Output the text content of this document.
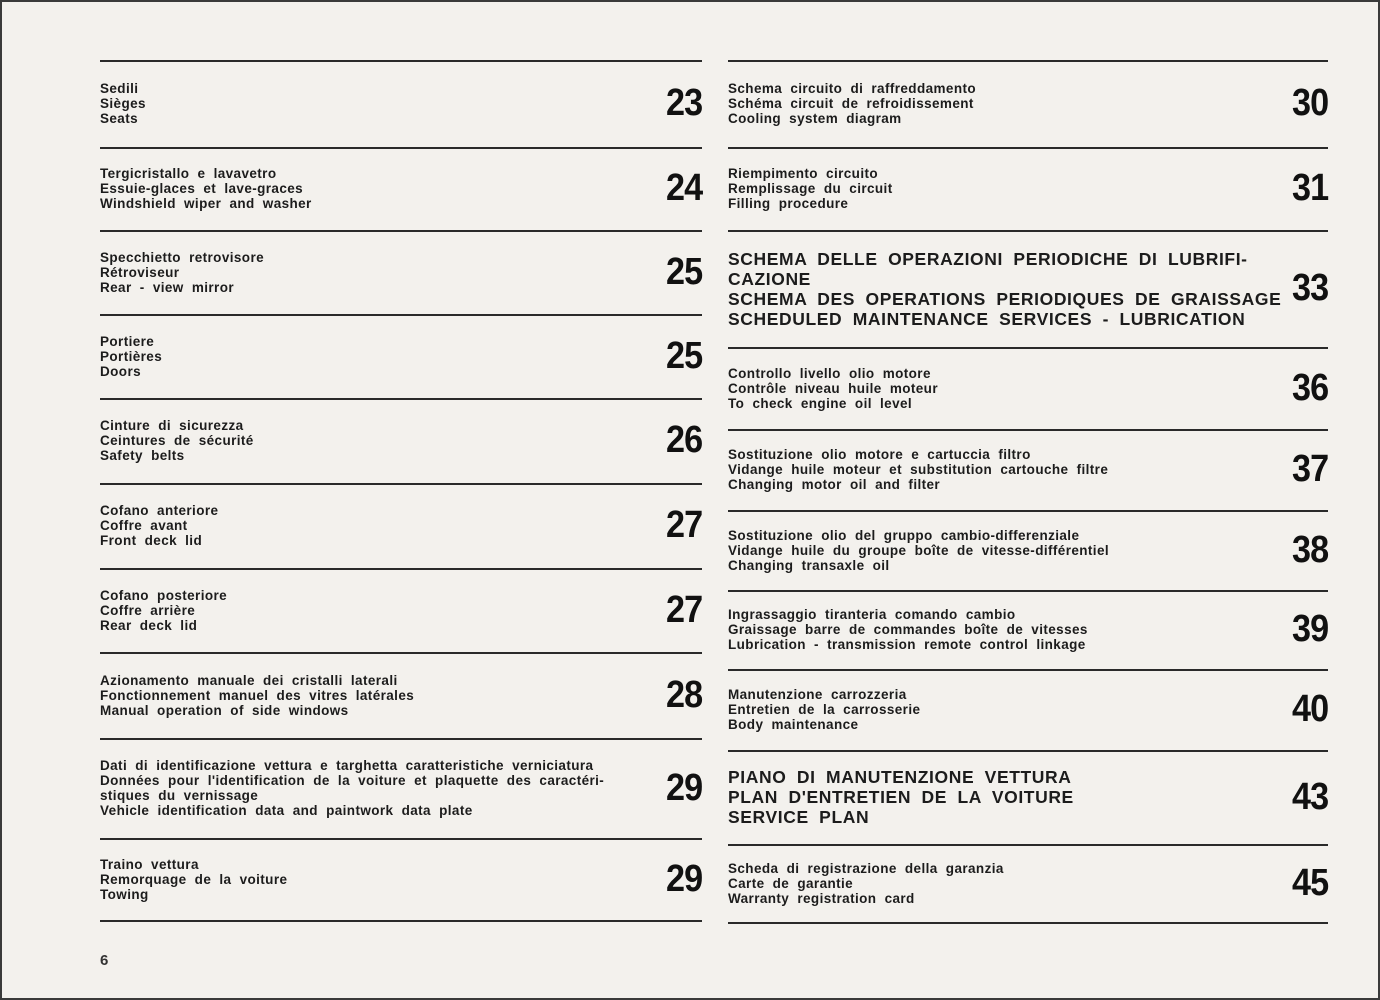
Sedili
Sièges
Seats	23
Tergicristallo e lavavetro
Essuie-glaces et lave-graces
Windshield wiper and washer	24
Specchietto retrovisore
Rétroviseur
Rear - view mirror	25
Portiere
Portières
Doors	25
Cinture di sicurezza
Ceintures de sécurité
Safety belts	26
Cofano anteriore
Coffre avant
Front deck lid	27
Cofano posteriore
Coffre arrière
Rear deck lid	27
Azionamento manuale dei cristalli laterali
Fonctionnement manuel des vitres latérales
Manual operation of side windows	28
Dati di identificazione vettura e targhetta caratteristiche verniciatura
Données pour l'identification de la voiture et plaquette des caractéri-
stiques du vernissage
Vehicle identification data and paintwork data plate
29
Traino vettura
Remorquage de la voiture
Towing	29
Schema circuito di raffreddamento
Schéma circuit de refroidissement
Cooling system diagram	30
Riempimento circuito
Remplissage du circuit
Filling procedure	31
SCHEMA DELLE OPERAZIONI PERIODICHE DI LUBRIFI-
CAZIONE
SCHEMA DES OPERATIONS PERIODIQUES DE GRAISSAGE
SCHEDULED MAINTENANCE SERVICES - LUBRICATION
33
Controllo livello olio motore
Contrôle niveau huile moteur
To check engine oil level	36
Sostituzione olio motore e cartuccia filtro
Vidange huile moteur et substitution cartouche filtre
Changing motor oil and filter	37
Sostituzione olio del gruppo cambio-differenziale
Vidange huile du groupe boîte de vitesse-différentiel
Changing transaxle oil	38
Ingrassaggio tiranteria comando cambio
Graissage barre de commandes boîte de vitesses
Lubrication - transmission remote control linkage	39
Manutenzione carrozzeria
Entretien de la carrosserie
Body maintenance	40
PIANO DI MANUTENZIONE VETTURA
PLAN D'ENTRETIEN DE LA VOITURE
SERVICE PLAN	43
Scheda di registrazione della garanzia
Carte de garantie
Warranty registration card	45
6
